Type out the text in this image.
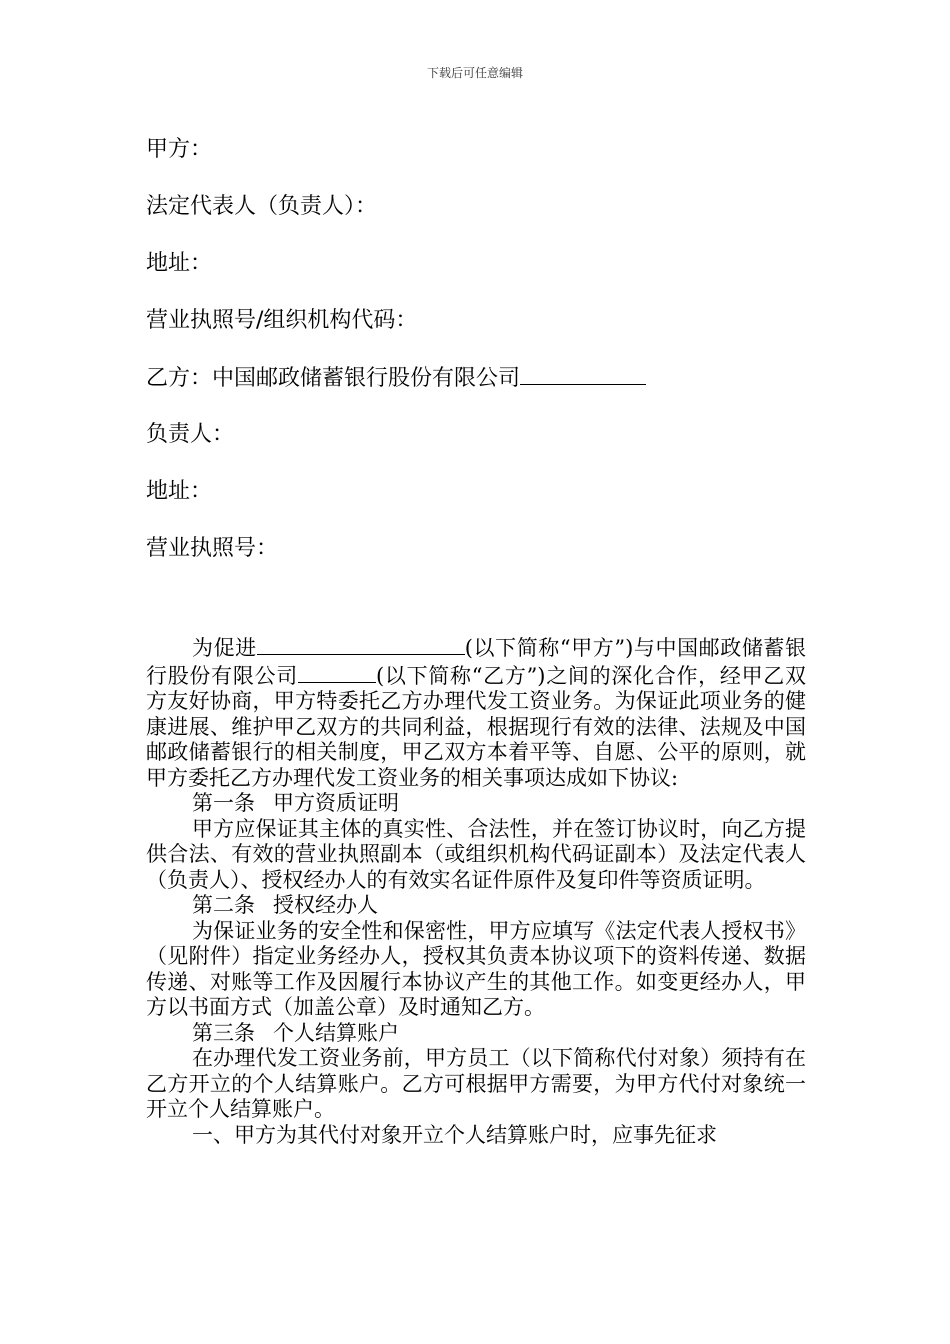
下载后可任意编辑
甲方：
法定代表人（负责人）：
地址：
营业执照号/组织机构代码：
乙方：中国邮政储蓄银行股份有限公司
负责人：
地址：
营业执照号：

为促进	(以下简称“甲方”)与中国邮政储蓄银行股份有限公司	(以下简称“乙方”)之间的深化合作，经甲乙双方友好协商，甲方特委托乙方办理代发工资业务。为保证此项业务的健康进展、维护甲乙双方的共同利益，根据现行有效的法律、法规及中国邮政储蓄银行的相关制度，甲乙双方本着平等、自愿、公平的原则，就甲方委托乙方办理代发工资业务的相关事项达成如下协议:

第一条 甲方资质证明

甲方应保证其主体的真实性、合法性，并在签订协议时，向乙方提供合法、有效的营业执照副本（或组织机构代码证副本）及法定代表人（负责人）、授权经办人的有效实名证件原件及复印件等资质证明。

第二条 授权经办人

为保证业务的安全性和保密性，甲方应填写《法定代表人授权书》（见附件）指定业务经办人，授权其负责本协议项下的资料传递、数据传递、对账等工作及因履行本协议产生的其他工作。如变更经办人，甲方以书面方式（加盖公章）及时通知乙方。

第三条 个人结算账户

在办理代发工资业务前，甲方员工（以下简称代付对象）须持有在乙方开立的个人结算账户。乙方可根据甲方需要，为甲方代付对象统一开立个人结算账户。

一、甲方为其代付对象开立个人结算账户时，应事先征求
